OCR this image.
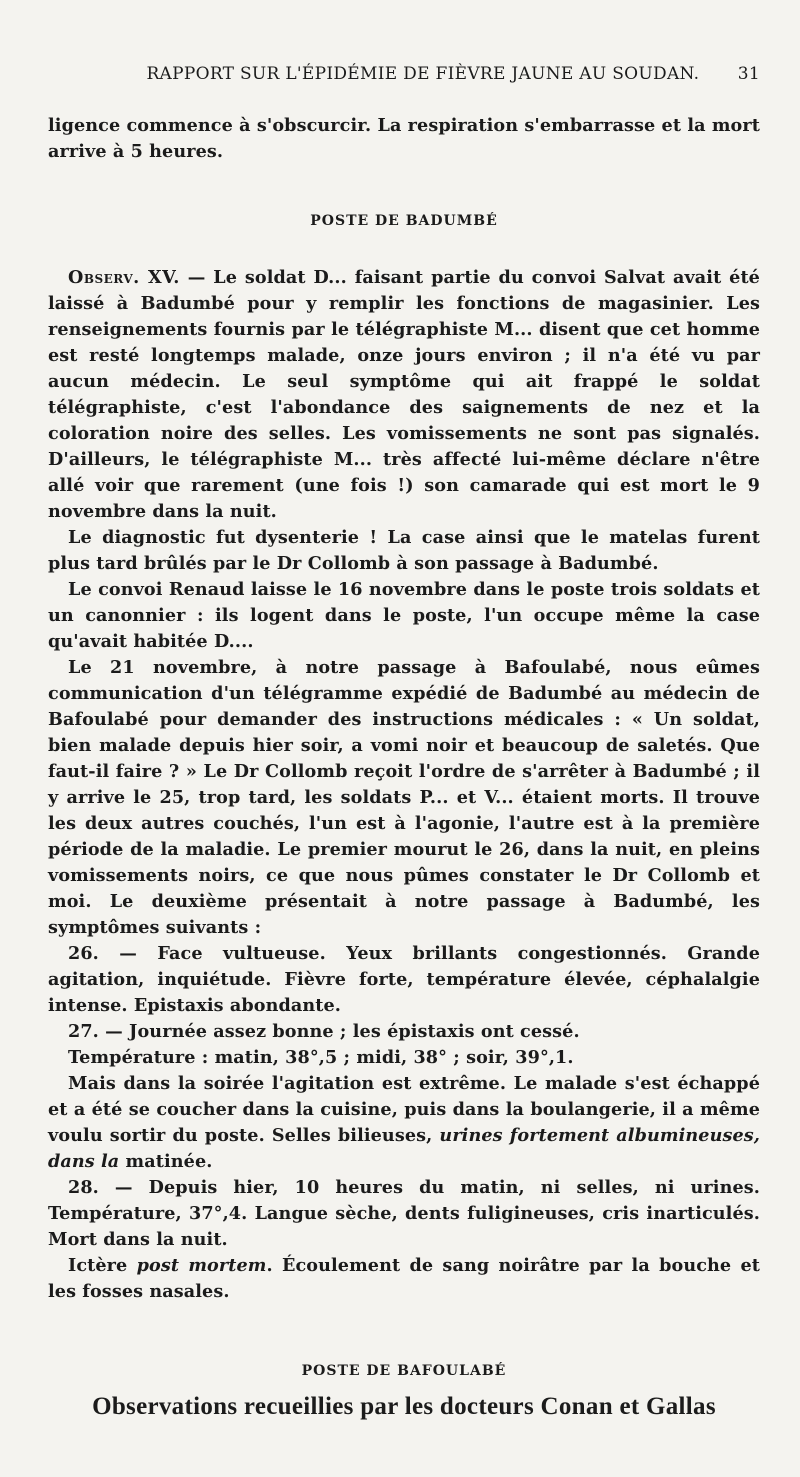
RAPPORT SUR L'ÉPIDÉMIE DE FIÈVRE JAUNE AU SOUDAN.	31

ligence commence à s'obscurcir. La respiration s'embarrasse et la mort arrive à 5 heures.

POSTE DE BADUMBÉ

Observ. XV. — Le soldat D... faisant partie du convoi Salvat avait été laissé à Badumbé pour y remplir les fonctions de magasinier. Les renseignements fournis par le télégraphiste M... disent que cet homme est resté longtemps malade, onze jours environ ; il n'a été vu par aucun médecin. Le seul symptôme qui ait frappé le soldat télégraphiste, c'est l'abondance des saignements de nez et la coloration noire des selles. Les vomissements ne sont pas signalés. D'ailleurs, le télégraphiste M... très affecté lui-même déclare n'être allé voir que rarement (une fois !) son camarade qui est mort le 9 novembre dans la nuit.

Le diagnostic fut dysenterie ! La case ainsi que le matelas furent plus tard brûlés par le Dr Collomb à son passage à Badumbé.

Le convoi Renaud laisse le 16 novembre dans le poste trois soldats et un canonnier : ils logent dans le poste, l'un occupe même la case qu'avait habitée D....

Le 21 novembre, à notre passage à Bafoulabé, nous eûmes communication d'un télégramme expédié de Badumbé au médecin de Bafoulabé pour demander des instructions médicales : « Un soldat, bien malade depuis hier soir, a vomi noir et beaucoup de saletés. Que faut-il faire ? » Le Dr Collomb reçoit l'ordre de s'arrêter à Badumbé ; il y arrive le 25, trop tard, les soldats P... et V... étaient morts. Il trouve les deux autres couchés, l'un est à l'agonie, l'autre est à la première période de la maladie. Le premier mourut le 26, dans la nuit, en pleins vomissements noirs, ce que nous pûmes constater le Dr Collomb et moi. Le deuxième présentait à notre passage à Badumbé, les symptômes suivants :

26. — Face vultueuse. Yeux brillants congestionnés. Grande agitation, inquiétude. Fièvre forte, température élevée, céphalalgie intense. Epistaxis abondante.

27. — Journée assez bonne ; les épistaxis ont cessé.

Température : matin, 38°,5 ; midi, 38° ; soir, 39°,1.

Mais dans la soirée l'agitation est extrême. Le malade s'est échappé et a été se coucher dans la cuisine, puis dans la boulangerie, il a même voulu sortir du poste. Selles bilieuses, urines fortement albumineuses, dans la matinée.

28. — Depuis hier, 10 heures du matin, ni selles, ni urines. Température, 37°,4. Langue sèche, dents fuligineuses, cris inarticulés. Mort dans la nuit.

Ictère post mortem. Écoulement de sang noirâtre par la bouche et les fosses nasales.

POSTE DE BAFOULABÉ
Observations recueillies par les docteurs Conan et Gallas
